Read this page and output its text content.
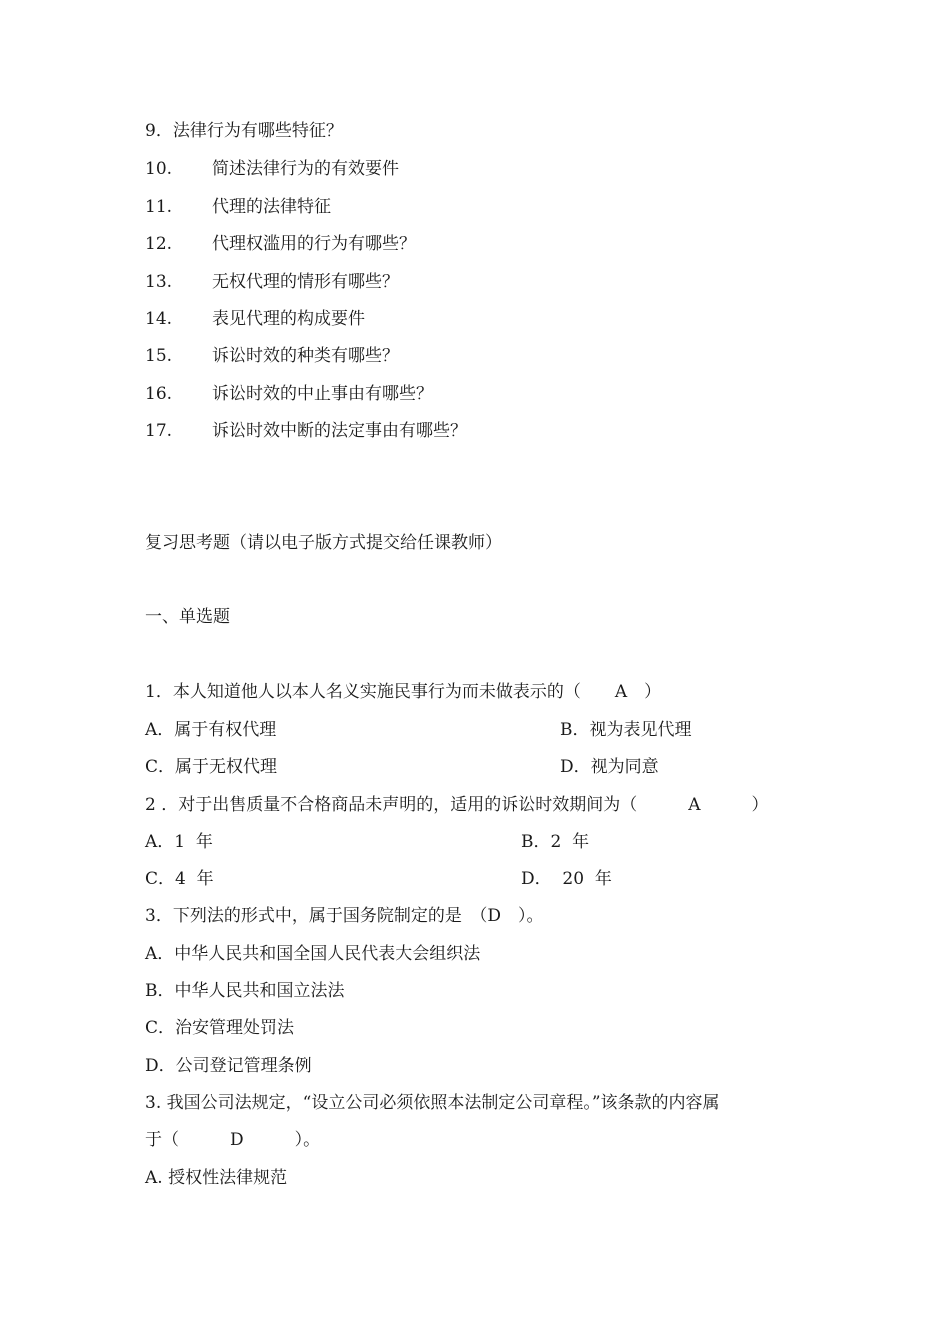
9．法律行为有哪些特征？
10. 简述法律行为的有效要件
11. 代理的法律特征
12. 代理权滥用的行为有哪些？
13. 无权代理的情形有哪些？
14. 表见代理的构成要件
15. 诉讼时效的种类有哪些？
16. 诉讼时效的中止事由有哪些？
17. 诉讼时效中断的法定事由有哪些？
复习思考题（请以电子版方式提交给任课教师）
一、单选题
1．本人知道他人以本人名义实施民事行为而未做表示的（　　A　）
A．属于有权代理	B．视为表见代理
C．属于无权代理	D．视为同意
2 ．对于出售质量不合格商品未声明的，适用的诉讼时效期间为（　　　A　　　）
A．1  年	B．2  年
C．4  年	D．  20  年
3．下列法的形式中，属于国务院制定的是　（D　）。
A．中华人民共和国全国人民代表大会组织法
B．中华人民共和国立法法
C．治安管理处罚法
D．公司登记管理条例
3. 我国公司法规定，“设立公司必须依照本法制定公司章程。”该条款的内容属
于（　　　D　　　）。
A. 授权性法律规范
